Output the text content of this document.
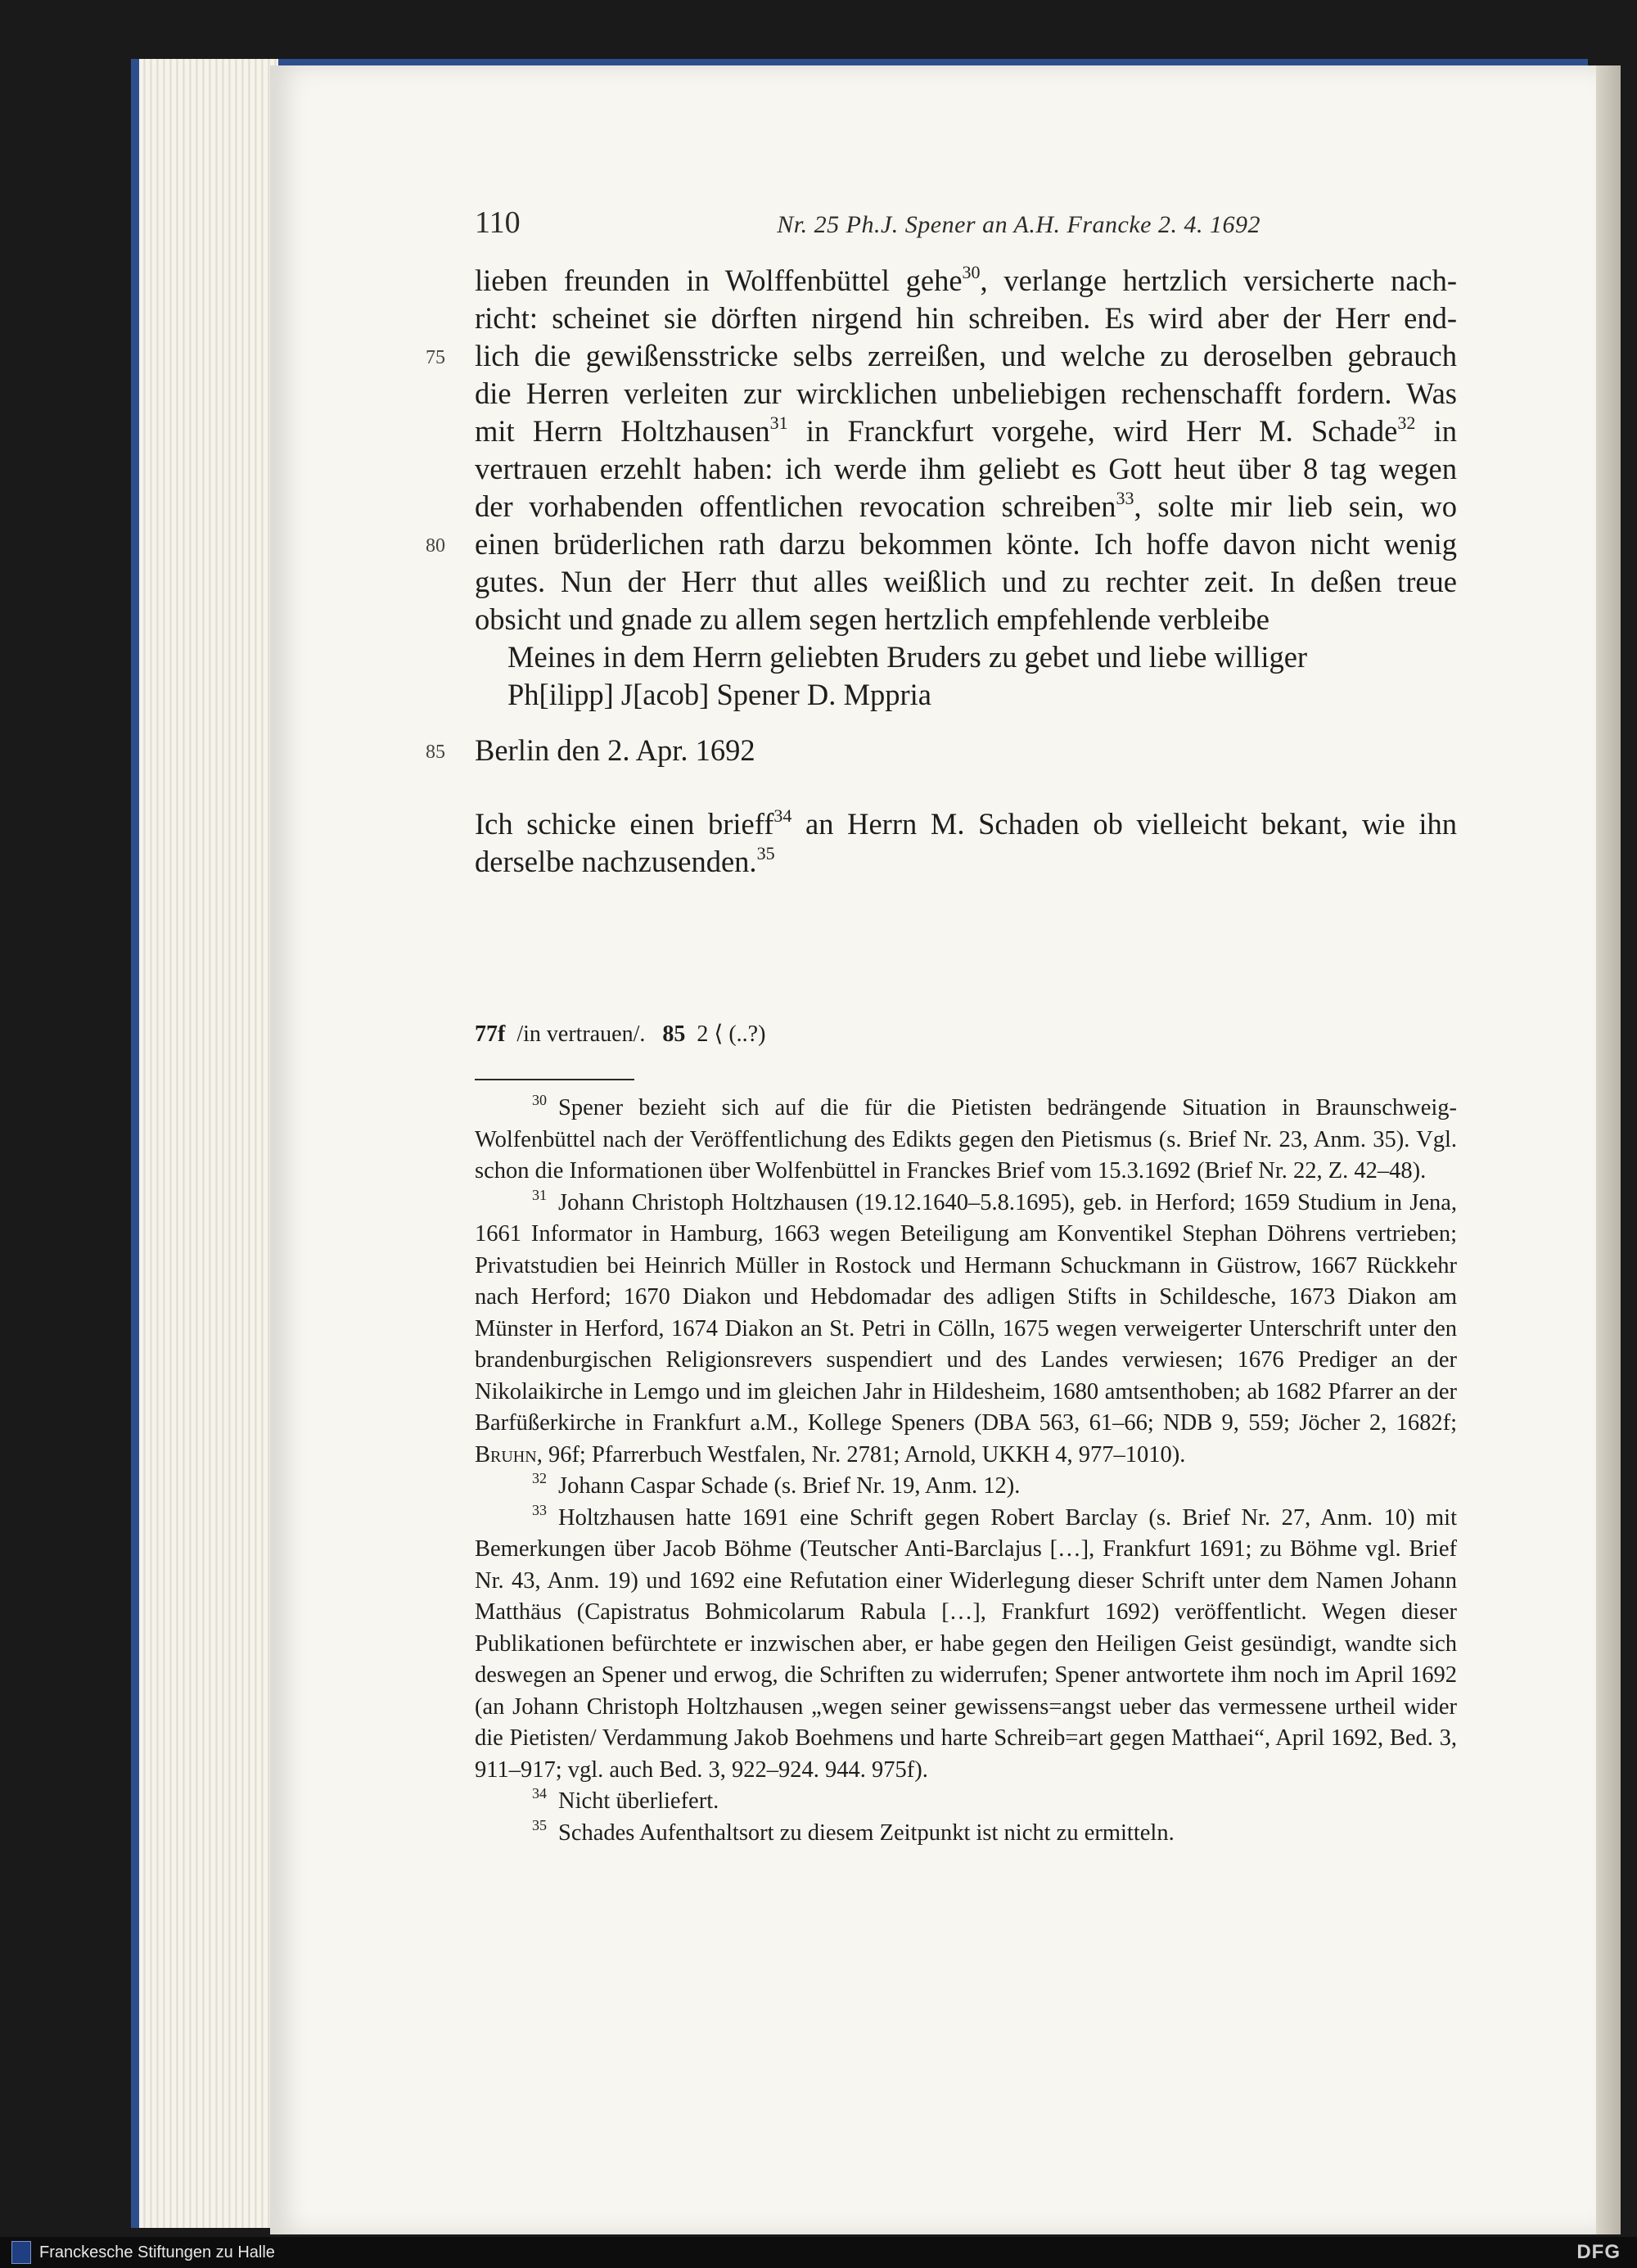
110	Nr. 25 Ph.J. Spener an A.H. Francke 2. 4. 1692
lieben freunden in Wolffenbüttel gehe$^{30}$, verlange hertzlich versicherte nach-
richt: scheinet sie dörften nirgend hin schreiben. Es wird aber der Herr end-
75 lich die gewißensstricke selbs zerreißen, und welche zu deroselben gebrauch
die Herren verleiten zur wircklichen unbeliebigen rechenschafft fordern. Was
mit Herrn Holtzhausen$^{31}$ in Franckfurt vorgehe, wird Herr M. Schade$^{32}$ in
vertrauen erzehlt haben: ich werde ihm geliebt es Gott heut über 8 tag wegen
der vorhabenden offentlichen revocation schreiben$^{33}$, solte mir lieb sein, wo
80 einen brüderlichen rath darzu bekommen könte. Ich hoffe davon nicht wenig
gutes. Nun der Herr thut alles weißlich und zu rechter zeit. In deßen treue
obsicht und gnade zu allem segen hertzlich empfehlende verbleibe
Meines in dem Herrn geliebten Bruders zu gebet und liebe williger
Ph[ilipp] J[acob] Spener D. Mppria
85 Berlin den 2. Apr. 1692
Ich schicke einen brieff$^{34}$ an Herrn M. Schaden ob vielleicht bekant, wie ihn
derselbe nachzusenden.$^{35}$
77f /in vertrauen/. 85 2 ⟨ (..?)

$^{30}$ Spener bezieht sich auf die für die Pietisten bedrängende Situation in Braunschweig-Wolfenbüttel nach der Veröffentlichung des Edikts gegen den Pietismus (s. Brief Nr. 23, Anm. 35). Vgl. schon die Informationen über Wolfenbüttel in Franckes Brief vom 15.3.1692 (Brief Nr. 22, Z. 42–48).

$^{31}$ Johann Christoph Holtzhausen (19.12.1640–5.8.1695), geb. in Herford; 1659 Studium in Jena, 1661 Informator in Hamburg, 1663 wegen Beteiligung am Konventikel Stephan Döhrens vertrieben; Privatstudien bei Heinrich Müller in Rostock und Hermann Schuckmann in Güstrow, 1667 Rückkehr nach Herford; 1670 Diakon und Hebdomadar des adligen Stifts in Schildesche, 1673 Diakon am Münster in Herford, 1674 Diakon an St. Petri in Cölln, 1675 wegen verweigerter Unterschrift unter den brandenburgischen Religionsrevers suspendiert und des Landes verwiesen; 1676 Prediger an der Nikolaikirche in Lemgo und im gleichen Jahr in Hildesheim, 1680 amtsenthoben; ab 1682 Pfarrer an der Barfüßerkirche in Frankfurt a.M., Kollege Speners (DBA 563, 61–66; NDB 9, 559; Jöcher 2, 1682f; Bruhn, 96f; Pfarrerbuch Westfalen, Nr. 2781; Arnold, UKKH 4, 977–1010).

$^{32}$ Johann Caspar Schade (s. Brief Nr. 19, Anm. 12).

$^{33}$ Holtzhausen hatte 1691 eine Schrift gegen Robert Barclay (s. Brief Nr. 27, Anm. 10) mit Bemerkungen über Jacob Böhme (Teutscher Anti-Barclajus […], Frankfurt 1691; zu Böhme vgl. Brief Nr. 43, Anm. 19) und 1692 eine Refutation einer Widerlegung dieser Schrift unter dem Namen Johann Matthäus (Capistratus Bohmicolarum Rabula […], Frankfurt 1692) veröffentlicht. Wegen dieser Publikationen befürchtete er inzwischen aber, er habe gegen den Heiligen Geist gesündigt, wandte sich deswegen an Spener und erwog, die Schriften zu widerrufen; Spener antwortete ihm noch im April 1692 (an Johann Christoph Holtzhausen „wegen seiner gewissens=angst ueber das vermessene urtheil wider die Pietisten/ Verdammung Jakob Boehmens und harte Schreib=art gegen Matthaei“, April 1692, Bed. 3, 911–917; vgl. auch Bed. 3, 922–924. 944. 975f).

$^{34}$ Nicht überliefert.

$^{35}$ Schades Aufenthaltsort zu diesem Zeitpunkt ist nicht zu ermitteln.

Franckesche Stiftungen zu Halle	DFG
